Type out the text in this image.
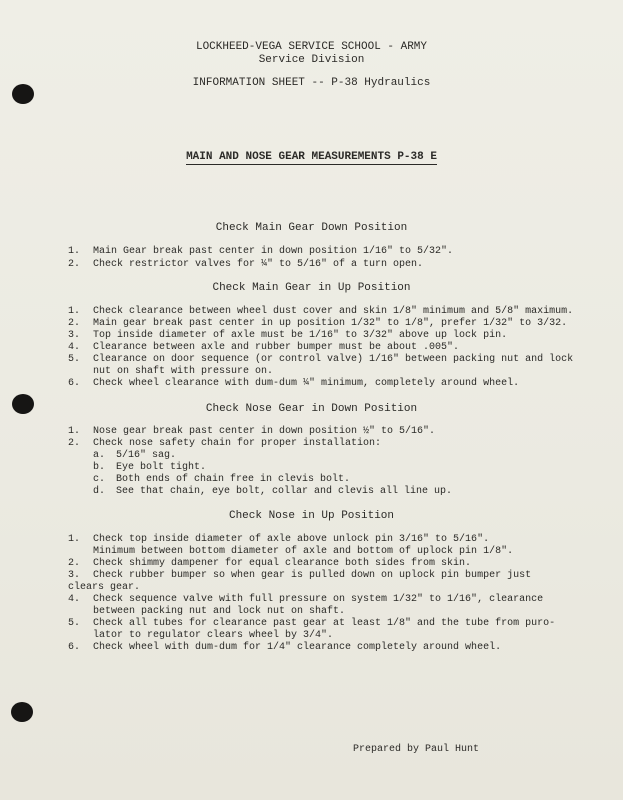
LOCKHEED-VEGA SERVICE SCHOOL - ARMY
Service Division
INFORMATION SHEET -- P-38 Hydraulics
MAIN AND NOSE GEAR MEASUREMENTS P-38 E
Check Main Gear Down Position
1. Main Gear break past center in down position 1/16" to 5/32".
2. Check restrictor valves for ¼" to 5/16" of a turn open.
Check Main Gear in Up Position
1. Check clearance between wheel dust cover and skin 1/8" minimum and 5/8" maximum.
2. Main gear break past center in up position 1/32" to 1/8", prefer 1/32" to 3/32.
3. Top inside diameter of axle must be 1/16" to 3/32" above up lock pin.
4. Clearance between axle and rubber bumper must be about .005".
5. Clearance on door sequence (or control valve) 1/16" between packing nut and lock
nut on shaft with pressure on.
6. Check wheel clearance with dum-dum ¼" minimum, completely around wheel.
Check Nose Gear in Down Position
1. Nose gear break past center in down position ½" to 5/16".
2. Check nose safety chain for proper installation:
a. 5/16" sag.
b. Eye bolt tight.
c. Both ends of chain free in clevis bolt.
d. See that chain, eye bolt, collar and clevis all line up.
Check Nose in Up Position
1. Check top inside diameter of axle above unlock pin 3/16" to 5/16".
Minimum between bottom diameter of axle and bottom of uplock pin 1/8".
2. Check shimmy dampener for equal clearance both sides from skin.
3. Check rubber bumper so when gear is pulled down on uplock pin bumper just
clears gear.
4. Check sequence valve with full pressure on system 1/32" to 1/16", clearance
between packing nut and lock nut on shaft.
5. Check all tubes for clearance past gear at least 1/8" and the tube from puro-
lator to regulator clears wheel by 3/4".
6. Check wheel with dum-dum for 1/4" clearance completely around wheel.
Prepared by Paul Hunt
